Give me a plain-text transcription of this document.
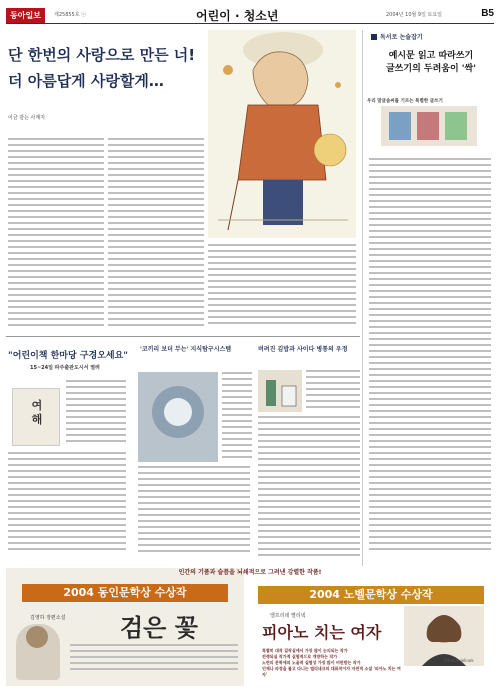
동아일보	제25855호 ⓒ	어린이 · 청소년	2004년 10월 9일 토요일	B5
단 한번의 사랑으로 만든 너!
더 아름답게 사랑할게…
이금 감는 사계지
독서로 논술잡기
예시문 읽고 따라쓰기
글쓰기의 두려움이 '싹'
우리 말글솜씨를 기르는 특별한 글쓰기
"어린이책 한마당 구경오세요"
15~24일 파주출판도시서 열려
여
해

'코끼리 보더 무는' 지식탐구시스템	버려진 김밥과 사이다 병통의 우정
인간의 기품과 슬픔을 뇌쇄적으로 그려낸 강렬한 작품!
2004 동인문학상 수상작
김영하 장편소설 검은 꽃
2004 노벨문학상 수상작
엘프리데 옐리넥
피아노 치는 여자
Elfriede Jelinek
특별히 대작 걸작실에서 가장 많이 논의되는 작가
전쟁되실 작가적 실험적으로 개방하는 작가
노련의 문학에의 노골적 실험성 가장 많이 비판받는 작가
언제나 파장을 몰고 다니는 엘리네크의 대표작이자 자전적 소설 '피아노 치는 여자'
